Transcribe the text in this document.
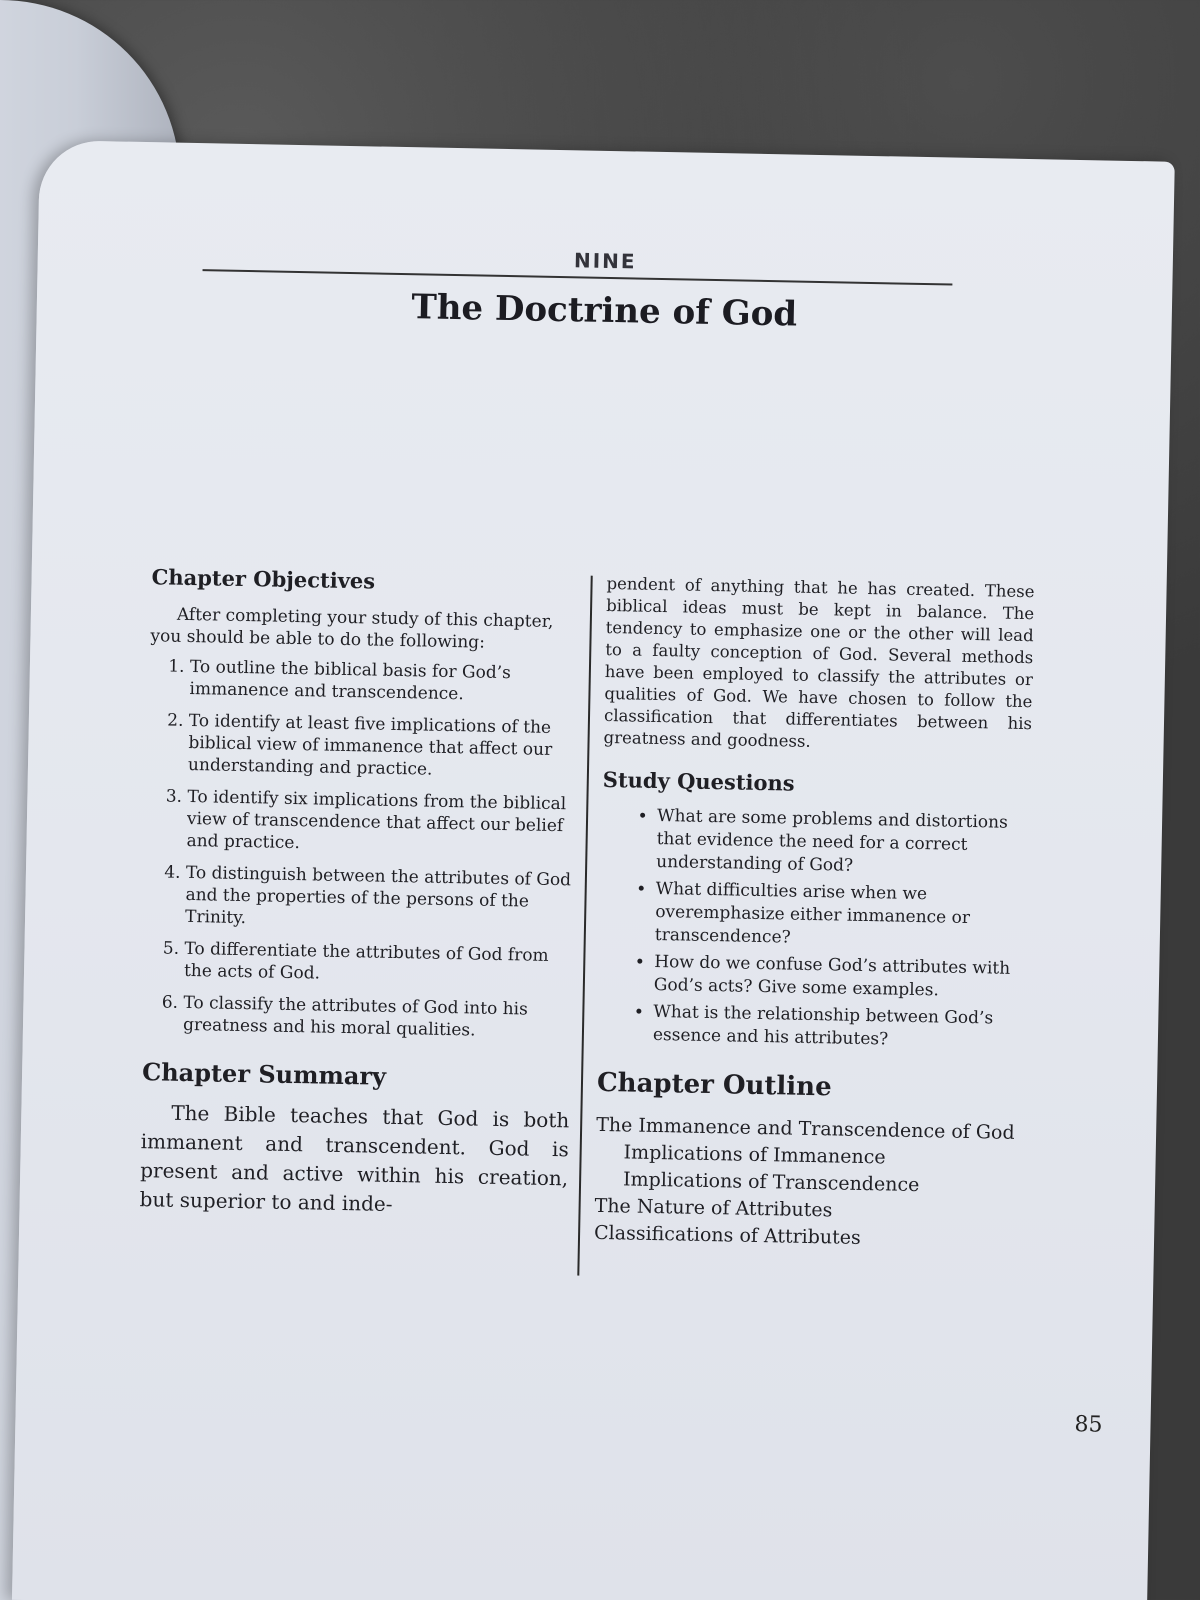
NINE
The Doctrine of God
Chapter Objectives

After completing your study of this chapter, you should be able to do the following:

1. To outline the biblical basis for God’s immanence and transcendence.
2. To identify at least five implications of the biblical view of immanence that affect our understanding and practice.
3. To identify six implications from the biblical view of transcendence that affect our belief and practice.
4. To distinguish between the attributes of God and the properties of the persons of the Trinity.
5. To differentiate the attributes of God from the acts of God.
6. To classify the attributes of God into his greatness and his moral qualities.
Chapter Summary

The Bible teaches that God is both immanent and transcendent. God is present and active within his creation, but superior to and inde-

pendent of anything that he has created. These biblical ideas must be kept in balance. The tendency to emphasize one or the other will lead to a faulty conception of God. Several methods have been employed to classify the attributes or qualities of God. We have chosen to follow the classification that differentiates between his greatness and goodness.

Study Questions
• What are some problems and distortions that evidence the need for a correct understanding of God?
• What difficulties arise when we overemphasize either immanence or transcendence?
• How do we confuse God’s attributes with God’s acts? Give some examples.
• What is the relationship between God’s essence and his attributes?
Chapter Outline
The Immanence and Transcendence of God
Implications of Immanence
Implications of Transcendence
The Nature of Attributes
Classifications of Attributes
85
